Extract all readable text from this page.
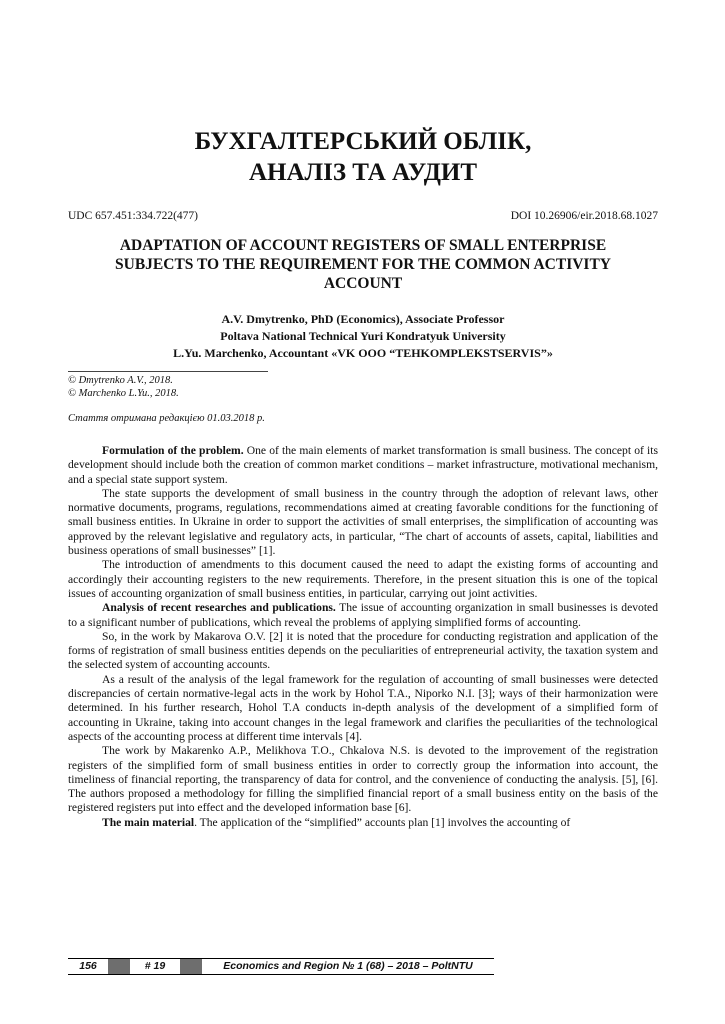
БУХГАЛТЕРСЬКИЙ ОБЛІК,
АНАЛІЗ ТА АУДИТ
UDC 657.451:334.722(477)	DOI 10.26906/eir.2018.68.1027
ADAPTATION OF ACCOUNT REGISTERS OF SMALL ENTERPRISE
SUBJECTS TO THE REQUIREMENT FOR THE COMMON ACTIVITY
ACCOUNT
A.V. Dmytrenko, PhD (Economics), Associate Professor
Poltava National Technical Yuri Kondratyuk University
L.Yu. Marchenko, Accountant «VK OOO “TEHKOMPLEKSTSERVIS”»
© Dmytrenko A.V., 2018.
© Marchenko L.Yu., 2018.
Стаття отримана редакцією 01.03.2018 р.

Formulation of the problem. One of the main elements of market transformation is small business. The concept of its development should include both the creation of common market conditions – market infrastructure, motivational mechanism, and a special state support system.

The state supports the development of small business in the country through the adoption of relevant laws, other normative documents, programs, regulations, recommendations aimed at creating favorable conditions for the functioning of small business entities. In Ukraine in order to support the activities of small enterprises, the simplification of accounting was approved by the relevant legislative and regulatory acts, in particular, “The chart of accounts of assets, capital, liabilities and business operations of small businesses” [1].

The introduction of amendments to this document caused the need to adapt the existing forms of accounting and accordingly their accounting registers to the new requirements. Therefore, in the present situation this is one of the topical issues of accounting organization of small business entities, in particular, carrying out joint activities.

Analysis of recent researches and publications. The issue of accounting organization in small businesses is devoted to a significant number of publications, which reveal the problems of applying simplified forms of accounting.

So, in the work by Makarova O.V. [2] it is noted that the procedure for conducting registration and application of the forms of registration of small business entities depends on the peculiarities of entrepreneurial activity, the taxation system and the selected system of accounting accounts.

As a result of the analysis of the legal framework for the regulation of accounting of small businesses were detected discrepancies of certain normative-legal acts in the work by Hohol T.A., Niporko N.I. [3]; ways of their harmonization were determined. In his further research, Hohol T.A conducts in-depth analysis of the development of a simplified form of accounting in Ukraine, taking into account changes in the legal framework and clarifies the peculiarities of the technological aspects of the accounting process at different time intervals [4].

The work by Makarenko A.P., Melikhova T.O., Chkalova N.S. is devoted to the improvement of the registration registers of the simplified form of small business entities in order to correctly group the information into account, the timeliness of financial reporting, the transparency of data for control, and the convenience of conducting the analysis. [5], [6]. The authors proposed a methodology for filling the simplified financial report of a small business entity on the basis of the registered registers put into effect and the developed information base [6].

The main material. The application of the “simplified” accounts plan [1] involves the accounting of

156	# 19	Economics and Region № 1 (68) – 2018 – PoltNTU
